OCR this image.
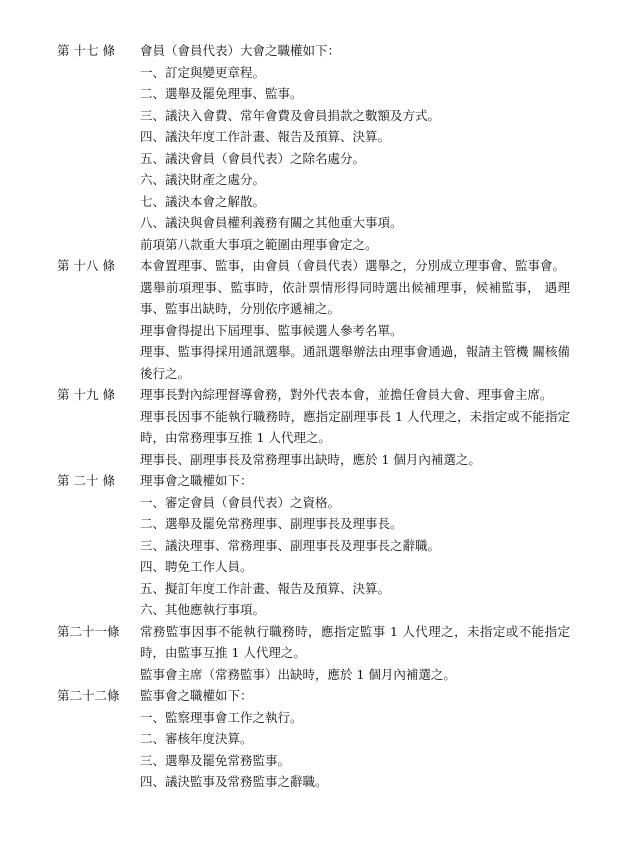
第 十七 條	會員（會員代表）大會之職權如下：

一、訂定與變更章程。

二、選舉及罷免理事、監事。

三、議決入會費、常年會費及會員捐款之數額及方式。

四、議決年度工作計畫、報告及預算、決算。

五、議決會員（會員代表）之除名處分。

六、議決財產之處分。

七、議決本會之解散。

八、議決與會員權利義務有關之其他重大事項。

前項第八款重大事項之範圍由理事會定之。

第 十八 條	本會置理事、監事，由會員（會員代表）選舉之，分別成立理事會、監事會。

選舉前項理事、監事時，依計票情形得同時選出候補理事，候補監事， 遇理事、監事出缺時，分別依序遞補之。

理事會得提出下屆理事、監事候選人參考名單。

理事、監事得採用通訊選舉。通訊選舉辦法由理事會通過，報請主管機 關核備後行之。

第 十九 條	理事長對內綜理督導會務，對外代表本會，並擔任會員大會、理事會主席。

理事長因事不能執行職務時，應指定副理事長 1 人代理之，未指定或不能指定時，由常務理事互推 1 人代理之。

理事長、副理事長及常務理事出缺時，應於 1 個月內補選之。

第 二十 條	理事會之職權如下：

一、審定會員（會員代表）之資格。

二、選舉及罷免常務理事、副理事長及理事長。

三、議決理事、常務理事、副理事長及理事長之辭職。

四、聘免工作人員。

五、擬訂年度工作計畫、報告及預算、決算。

六、其他應執行事項。

第二十一條	常務監事因事不能執行職務時，應指定監事 1 人代理之，未指定或不能指定時，由監事互推 1 人代理之。

監事會主席（常務監事）出缺時，應於 1 個月內補選之。

第二十二條	監事會之職權如下：

一、監察理事會工作之執行。

二、審核年度決算。

三、選舉及罷免常務監事。

四、議決監事及常務監事之辭職。
